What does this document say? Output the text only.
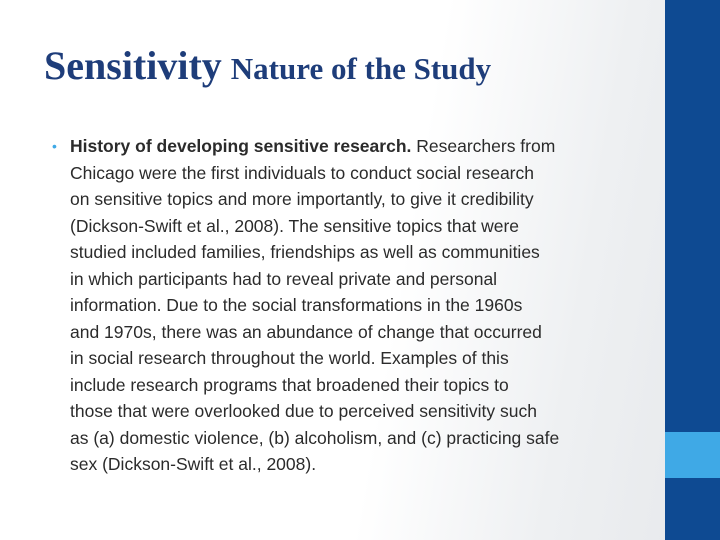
Sensitivity Nature of the Study
• History of developing sensitive research. Researchers from
Chicago were the first individuals to conduct social research
on sensitive topics and more importantly, to give it credibility
(Dickson-Swift et al., 2008). The sensitive topics that were
studied included families, friendships as well as communities
in which participants had to reveal private and personal
information. Due to the social transformations in the 1960s
and 1970s, there was an abundance of change that occurred
in social research throughout the world. Examples of this
include research programs that broadened their topics to
those that were overlooked due to perceived sensitivity such
as (a) domestic violence, (b) alcoholism, and (c) practicing safe
sex (Dickson-Swift et al., 2008).
